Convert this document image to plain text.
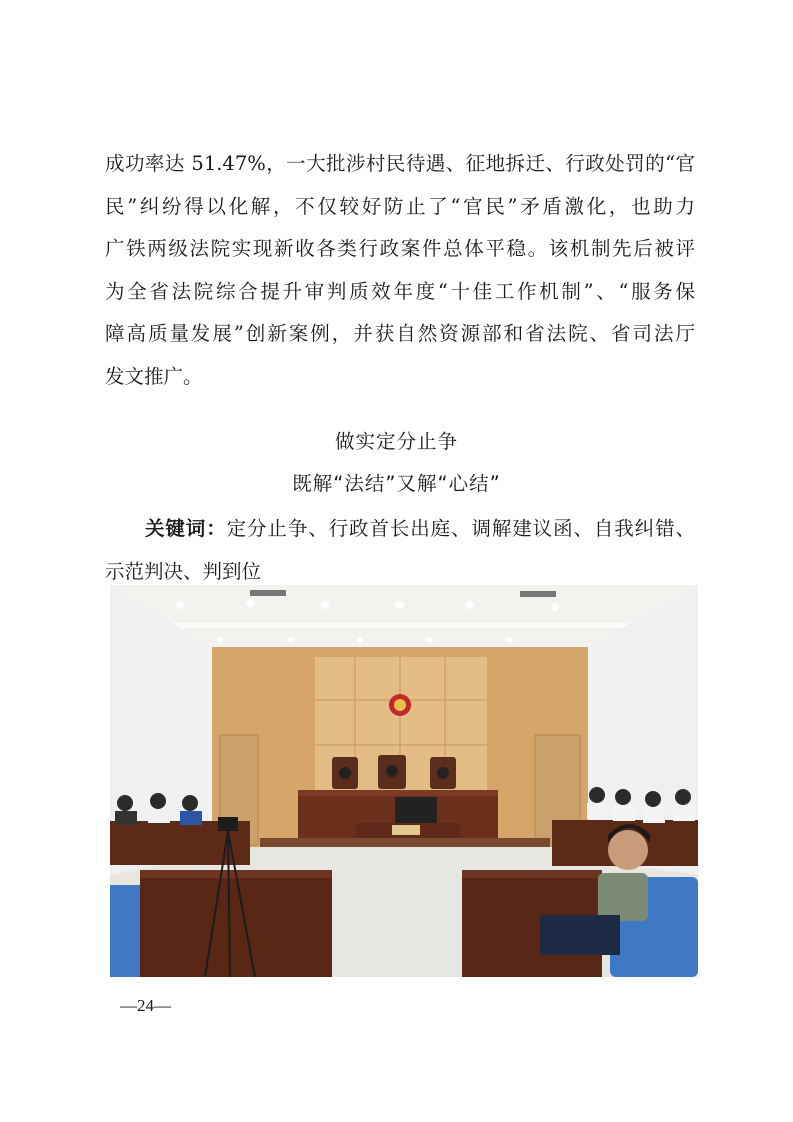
成功率达 51.47%，一大批涉村民待遇、征地拆迁、行政处罚的“官
民”纠纷得以化解，不仅较好防止了“官民”矛盾激化，也助力
广铁两级法院实现新收各类行政案件总体平稳。该机制先后被评
为全省法院综合提升审判质效年度“十佳工作机制”、“服务保
障高质量发展”创新案例，并获自然资源部和省法院、省司法厅
发文推广。
做实定分止争
既解“法结”又解“心结”
关键词：定分止争、行政首长出庭、调解建议函、自我纠错、
示范判决、判到位
—24—
